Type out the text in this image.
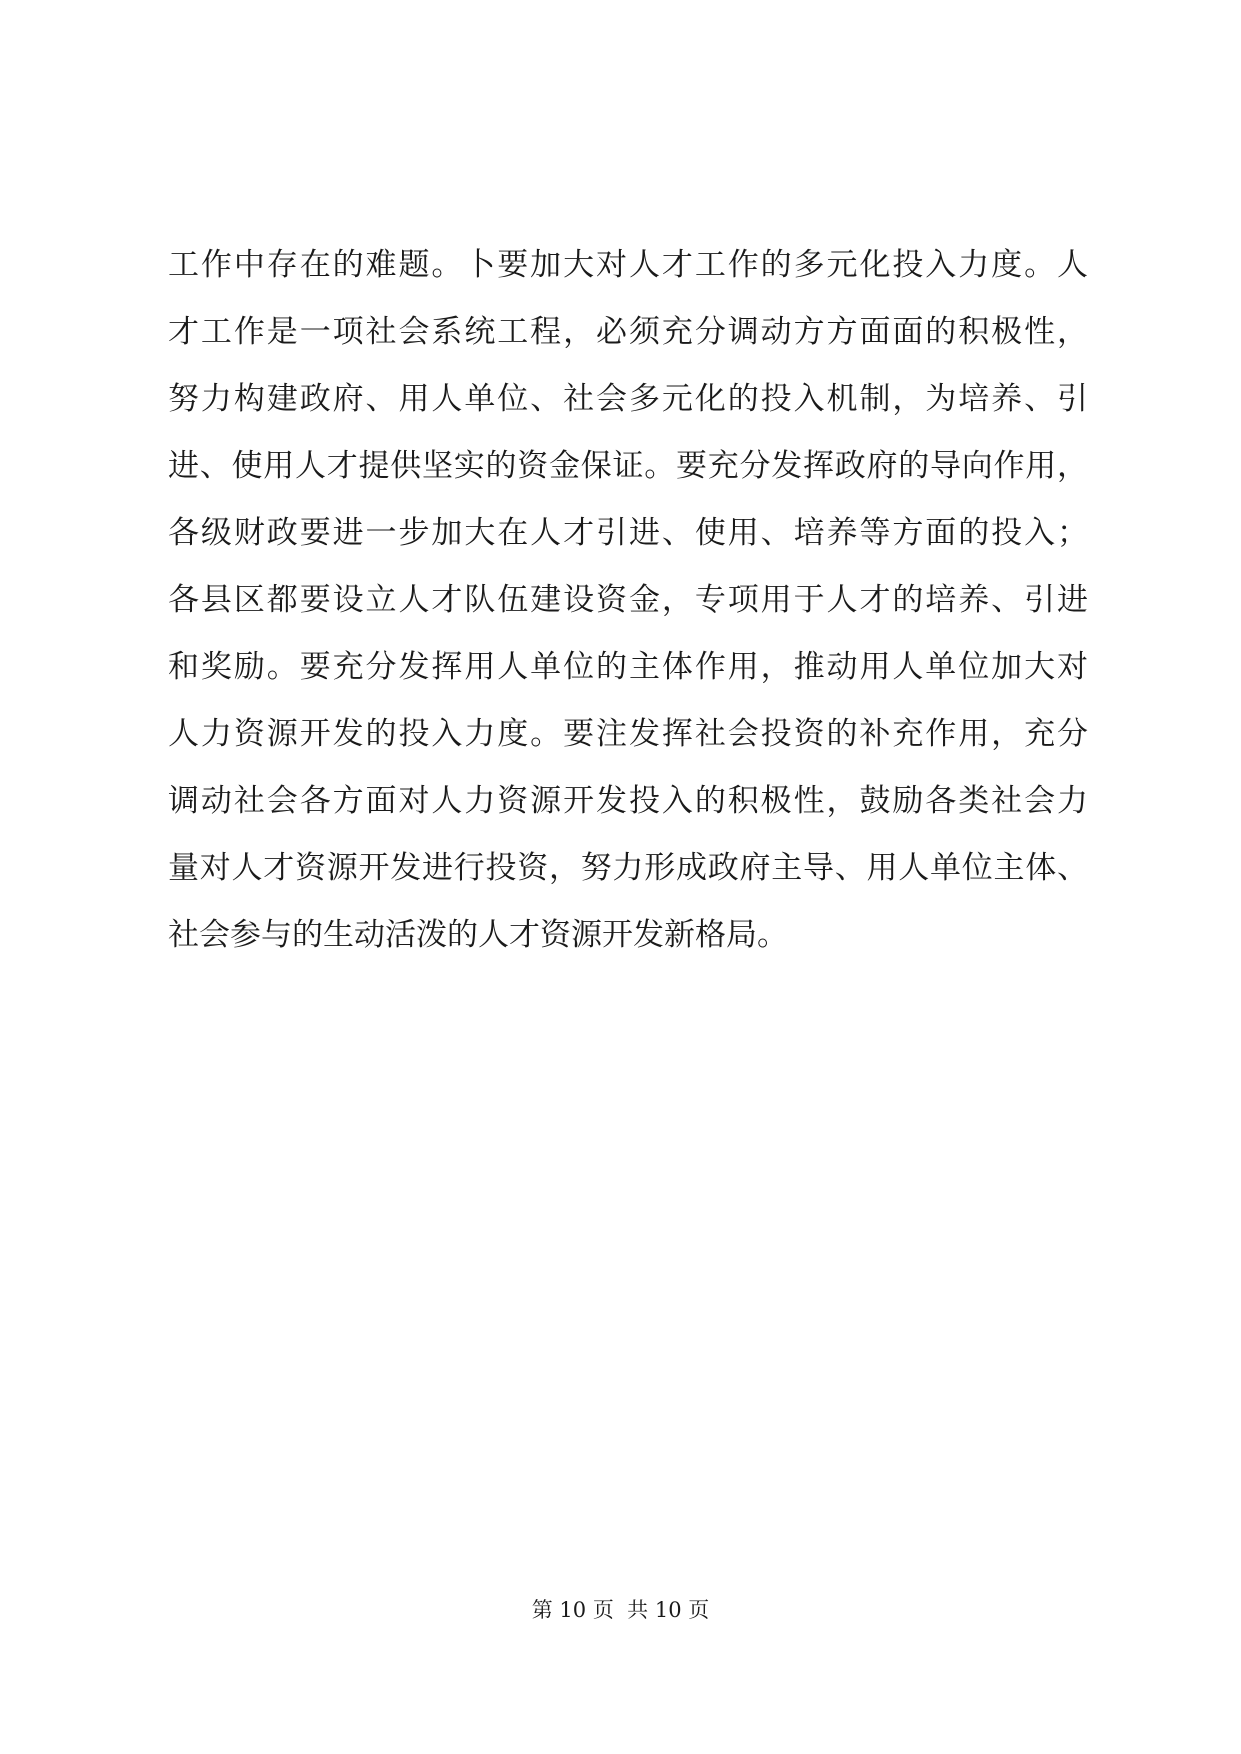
工作中存在的难题。卜要加大对人才工作的多元化投入力度。人
才工作是一项社会系统工程，必须充分调动方方面面的积极性，
努力构建政府、用人单位、社会多元化的投入机制，为培养、引
进、使用人才提供坚实的资金保证。要充分发挥政府的导向作用，
各级财政要进一步加大在人才引进、使用、培养等方面的投入；
各县区都要设立人才队伍建设资金，专项用于人才的培养、引进
和奖励。要充分发挥用人单位的主体作用，推动用人单位加大对
人力资源开发的投入力度。要注发挥社会投资的补充作用，充分
调动社会各方面对人力资源开发投入的积极性，鼓励各类社会力
量对人才资源开发进行投资，努力形成政府主导、用人单位主体、
社会参与的生动活泼的人才资源开发新格局。
第 10 页  共 10 页
